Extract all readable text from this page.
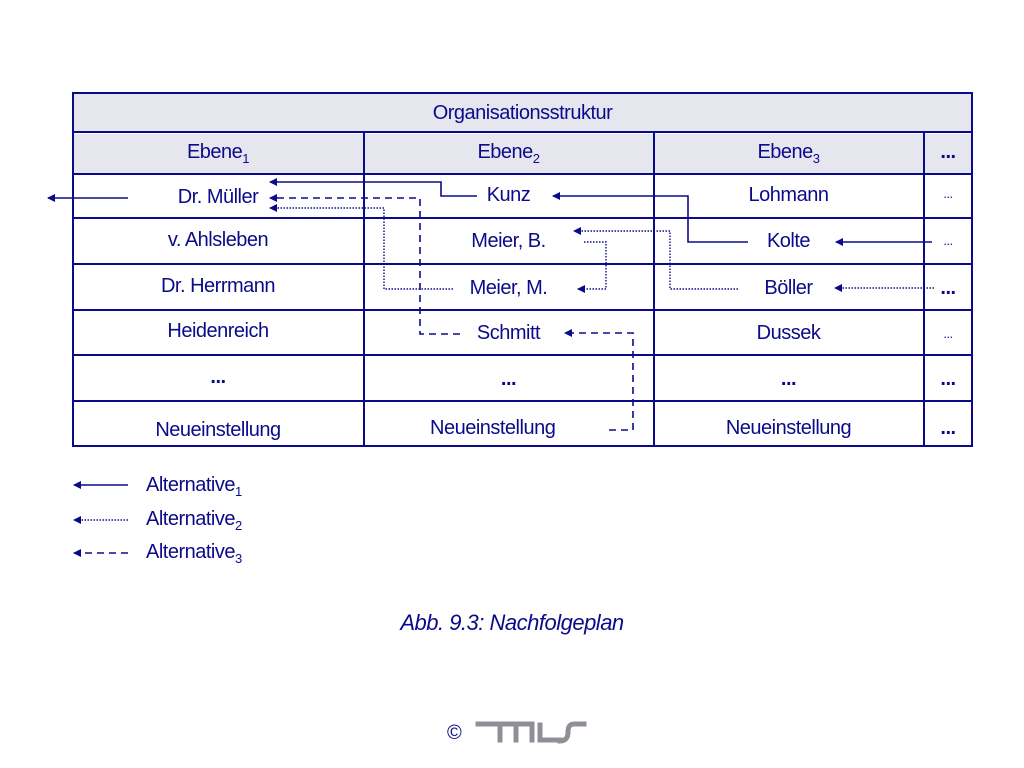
Organisationsstruktur
Ebene$_1$	Ebene$_2$	Ebene$_3$	...
Dr. Müller	Kunz	Lohmann	...
v. Ahlsleben	Meier, B.	Kolte	...
Dr. Herrmann	Meier, M.	Böller	...
Heidenreich	Schmitt	Dussek	...
...	...	...	...
Neueinstellung	Neueinstellung	Neueinstellung	...
Alternative$_1$
Alternative$_2$
Alternative$_3$
Abb. 9.3: Nachfolgeplan
©
